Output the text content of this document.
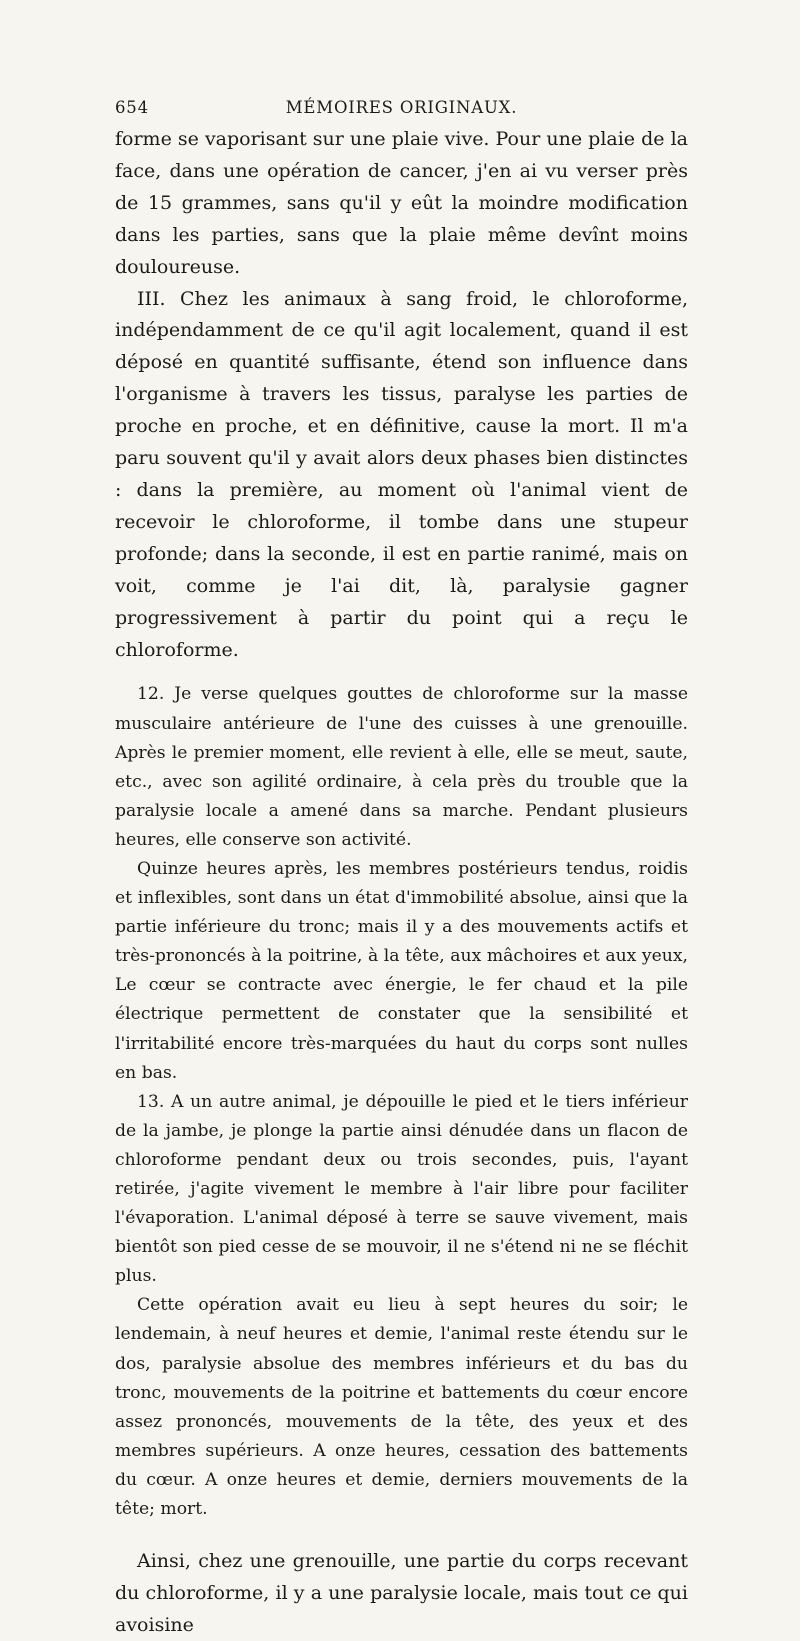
654	MÉMOIRES ORIGINAUX.

forme se vaporisant sur une plaie vive. Pour une plaie de la face, dans une opération de cancer, j'en ai vu verser près de 15 grammes, sans qu'il y eût la moindre modification dans les parties, sans que la plaie même devînt moins douloureuse.

III. Chez les animaux à sang froid, le chloroforme, indépendamment de ce qu'il agit localement, quand il est déposé en quantité suffisante, étend son influence dans l'organisme à travers les tissus, paralyse les parties de proche en proche, et en définitive, cause la mort. Il m'a paru souvent qu'il y avait alors deux phases bien distinctes : dans la première, au moment où l'animal vient de recevoir le chloroforme, il tombe dans une stupeur profonde; dans la seconde, il est en partie ranimé, mais on voit, comme je l'ai dit, là, paralysie gagner progressivement à partir du point qui a reçu le chloroforme.

12. Je verse quelques gouttes de chloroforme sur la masse musculaire antérieure de l'une des cuisses à une grenouille. Après le premier moment, elle revient à elle, elle se meut, saute, etc., avec son agilité ordinaire, à cela près du trouble que la paralysie locale a amené dans sa marche. Pendant plusieurs heures, elle conserve son activité.

Quinze heures après, les membres postérieurs tendus, roidis et inflexibles, sont dans un état d'immobilité absolue, ainsi que la partie inférieure du tronc; mais il y a des mouvements actifs et très-prononcés à la poitrine, à la tête, aux mâchoires et aux yeux, Le cœur se contracte avec énergie, le fer chaud et la pile électrique permettent de constater que la sensibilité et l'irritabilité encore très-marquées du haut du corps sont nulles en bas.

13. A un autre animal, je dépouille le pied et le tiers inférieur de la jambe, je plonge la partie ainsi dénudée dans un flacon de chloroforme pendant deux ou trois secondes, puis, l'ayant retirée, j'agite vivement le membre à l'air libre pour faciliter l'évaporation. L'animal déposé à terre se sauve vivement, mais bientôt son pied cesse de se mouvoir, il ne s'étend ni ne se fléchit plus.

Cette opération avait eu lieu à sept heures du soir; le lendemain, à neuf heures et demie, l'animal reste étendu sur le dos, paralysie absolue des membres inférieurs et du bas du tronc, mouvements de la poitrine et battements du cœur encore assez prononcés, mouvements de la tête, des yeux et des membres supérieurs. A onze heures, cessation des battements du cœur. A onze heures et demie, derniers mouvements de la tête; mort.

Ainsi, chez une grenouille, une partie du corps recevant du chloroforme, il y a une paralysie locale, mais tout ce qui avoisine
